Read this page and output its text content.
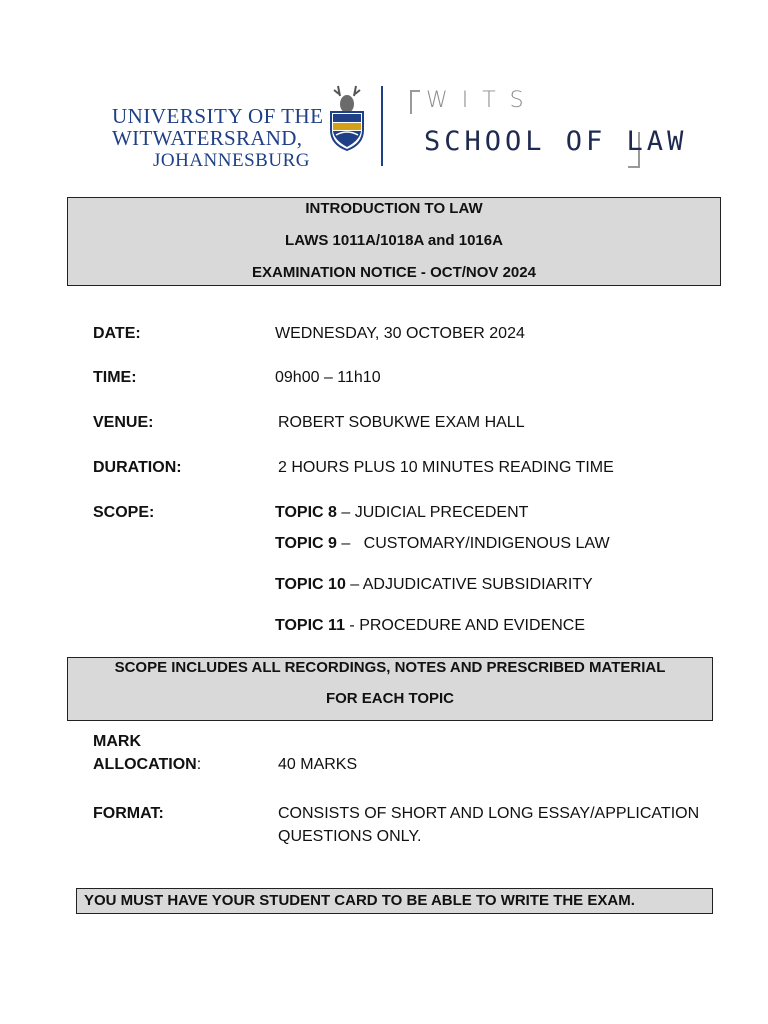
UNIVERSITY OF THE
WITWATERSRAND,
JOHANNESBURG
WITS
SCHOOL OF LAW
INTRODUCTION TO LAW
LAWS 1011A/1018A and 1016A
EXAMINATION NOTICE - OCT/NOV 2024
DATE:	WEDNESDAY, 30 OCTOBER 2024
TIME:	09h00 – 11h10
VENUE:	ROBERT SOBUKWE EXAM HALL
DURATION:	2 HOURS PLUS 10 MINUTES READING TIME
SCOPE:	TOPIC 8 – JUDICIAL PRECEDENT
TOPIC 9 –   CUSTOMARY/INDIGENOUS LAW
TOPIC 10 – ADJUDICATIVE SUBSIDIARITY
TOPIC 11 - PROCEDURE AND EVIDENCE
SCOPE INCLUDES ALL RECORDINGS, NOTES AND PRESCRIBED MATERIAL
FOR EACH TOPIC
MARK
ALLOCATION:	40 MARKS
FORMAT:	CONSISTS OF SHORT AND LONG ESSAY/APPLICATION
QUESTIONS ONLY.
YOU MUST HAVE YOUR STUDENT CARD TO BE ABLE TO WRITE THE EXAM.
